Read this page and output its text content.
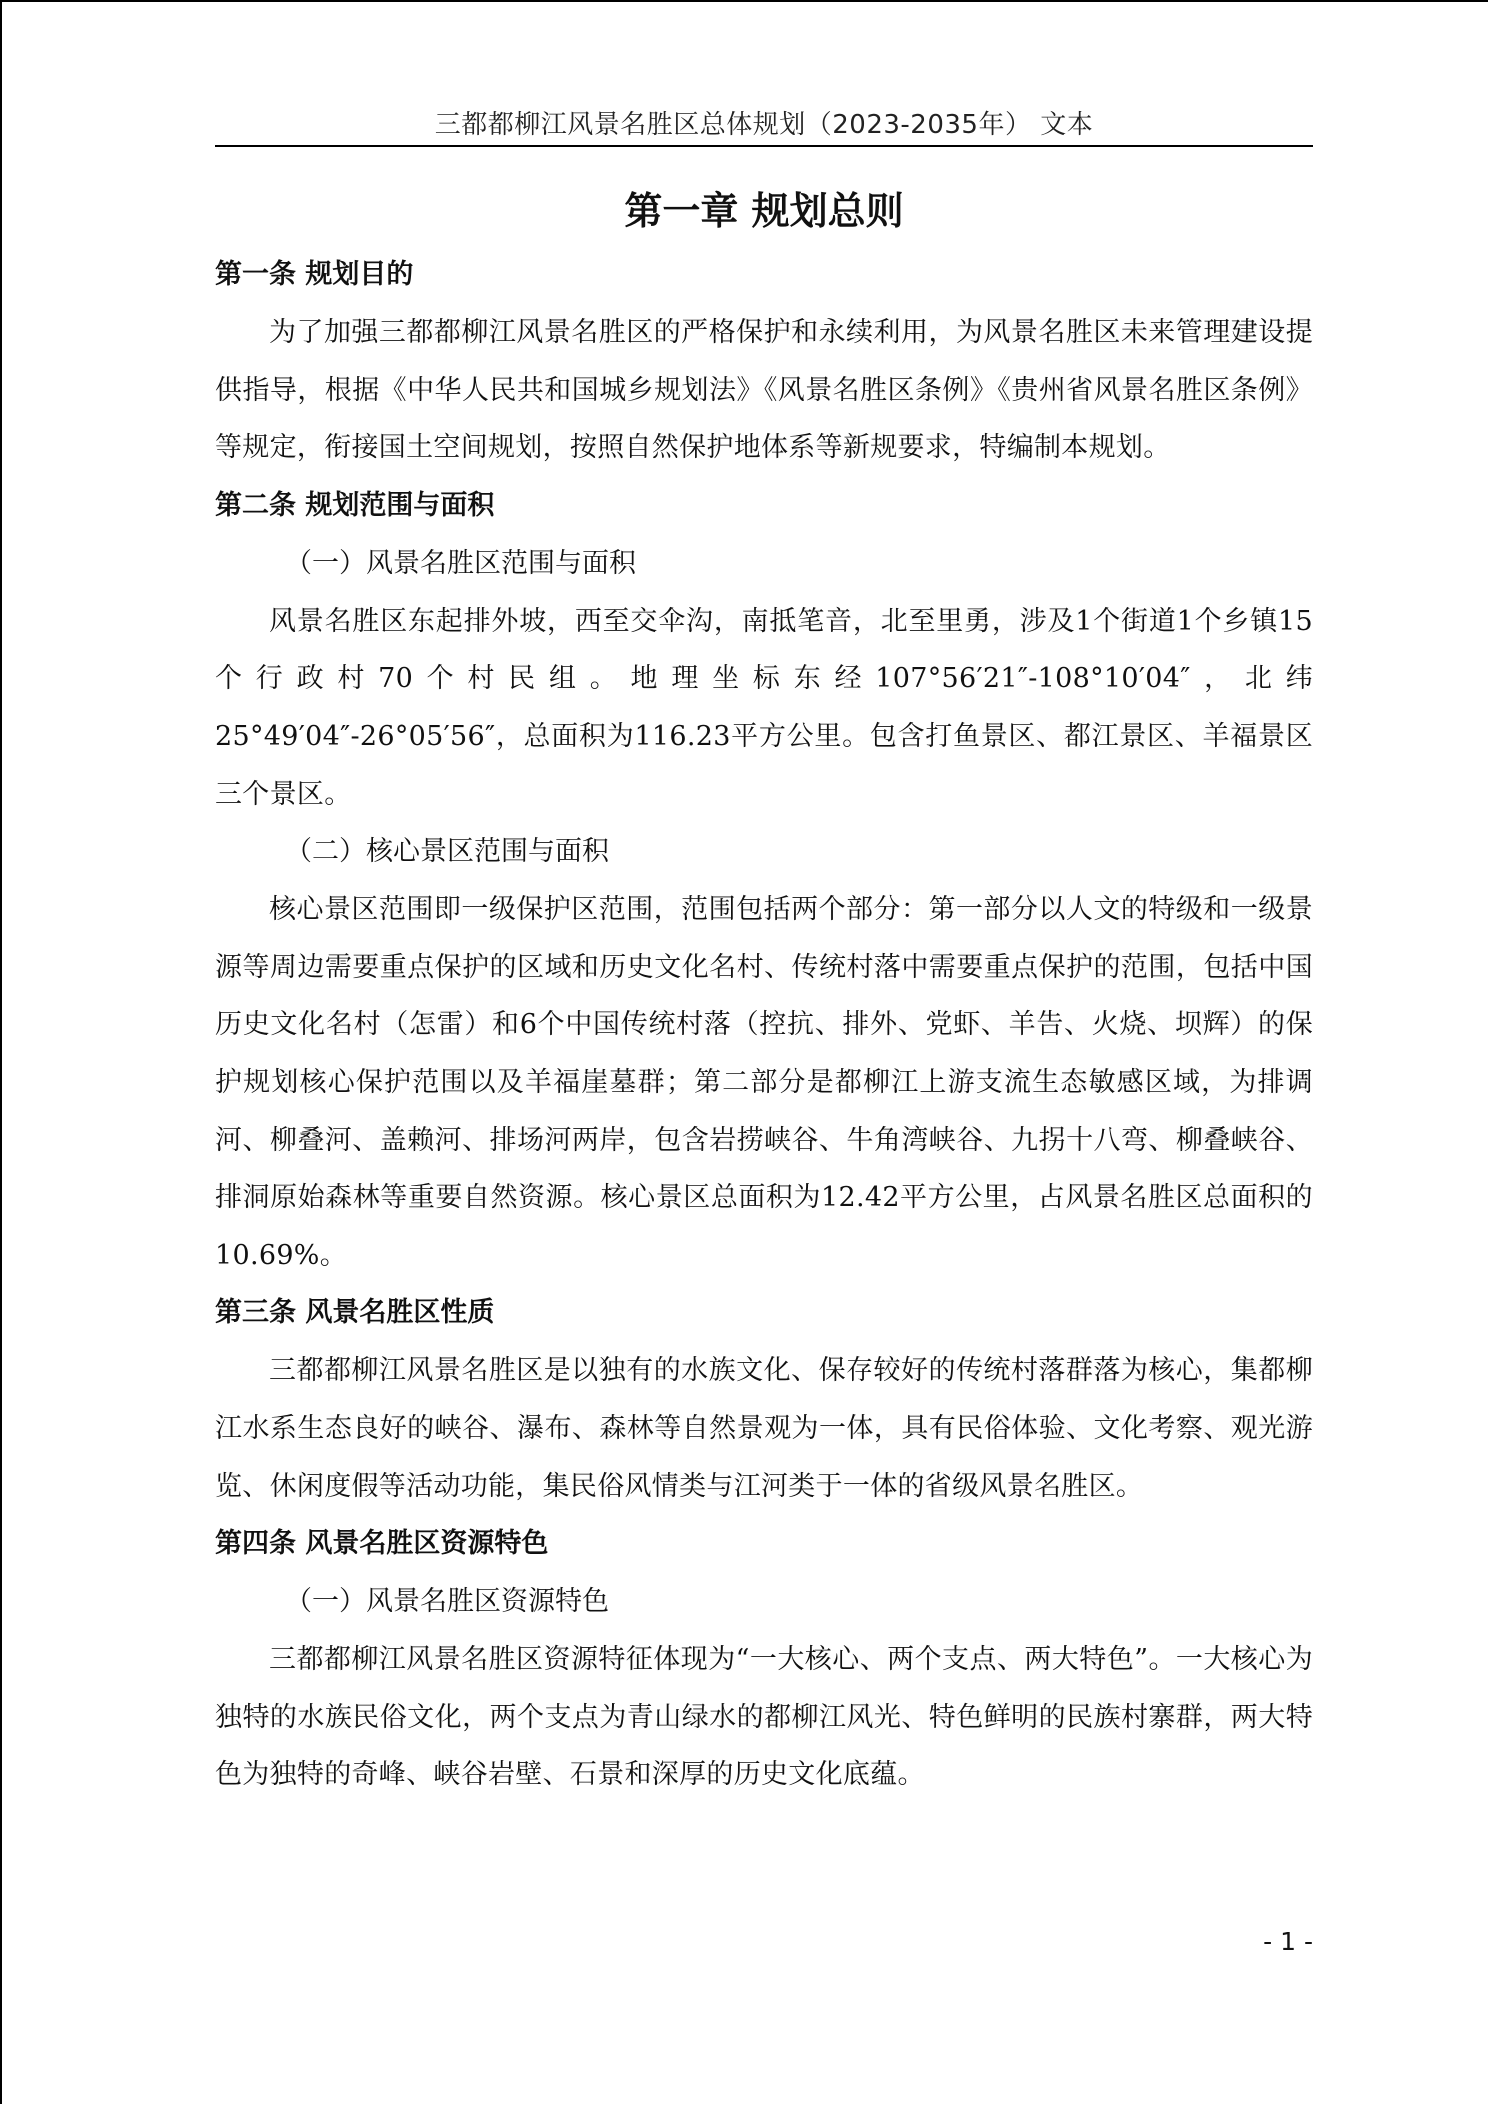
三都都柳江风景名胜区总体规划（2023-2035年） 文本
第一章 规划总则
第一条 规划目的

为了加强三都都柳江风景名胜区的严格保护和永续利用，为风景名胜区未来管理建设提供指导，根据《中华人民共和国城乡规划法》《风景名胜区条例》《贵州省风景名胜区条例》等规定，衔接国土空间规划，按照自然保护地体系等新规要求，特编制本规划。

第二条 规划范围与面积

（一）风景名胜区范围与面积

风景名胜区东起排外坡，西至交伞沟，南抵笔音，北至里勇，涉及1个街道1个乡镇15个行政村70个村民组。地理坐标东经107°56′21″-108°10′04″，北纬25°49′04″-26°05′56″，总面积为116.23平方公里。包含打鱼景区、都江景区、羊福景区三个景区。

（二）核心景区范围与面积

核心景区范围即一级保护区范围，范围包括两个部分：第一部分以人文的特级和一级景源等周边需要重点保护的区域和历史文化名村、传统村落中需要重点保护的范围，包括中国历史文化名村（怎雷）和6个中国传统村落（控抗、排外、党虾、羊告、火烧、坝辉）的保护规划核心保护范围以及羊福崖墓群；第二部分是都柳江上游支流生态敏感区域，为排调河、柳叠河、盖赖河、排场河两岸，包含岩捞峡谷、牛角湾峡谷、九拐十八弯、柳叠峡谷、排洞原始森林等重要自然资源。核心景区总面积为12.42平方公里，占风景名胜区总面积的10.69%。

第三条 风景名胜区性质

三都都柳江风景名胜区是以独有的水族文化、保存较好的传统村落群落为核心，集都柳江水系生态良好的峡谷、瀑布、森林等自然景观为一体，具有民俗体验、文化考察、观光游览、休闲度假等活动功能，集民俗风情类与江河类于一体的省级风景名胜区。

第四条 风景名胜区资源特色

（一）风景名胜区资源特色

三都都柳江风景名胜区资源特征体现为“一大核心、两个支点、两大特色”。一大核心为独特的水族民俗文化，两个支点为青山绿水的都柳江风光、特色鲜明的民族村寨群，两大特色为独特的奇峰、峡谷岩壁、石景和深厚的历史文化底蕴。

- 1 -
